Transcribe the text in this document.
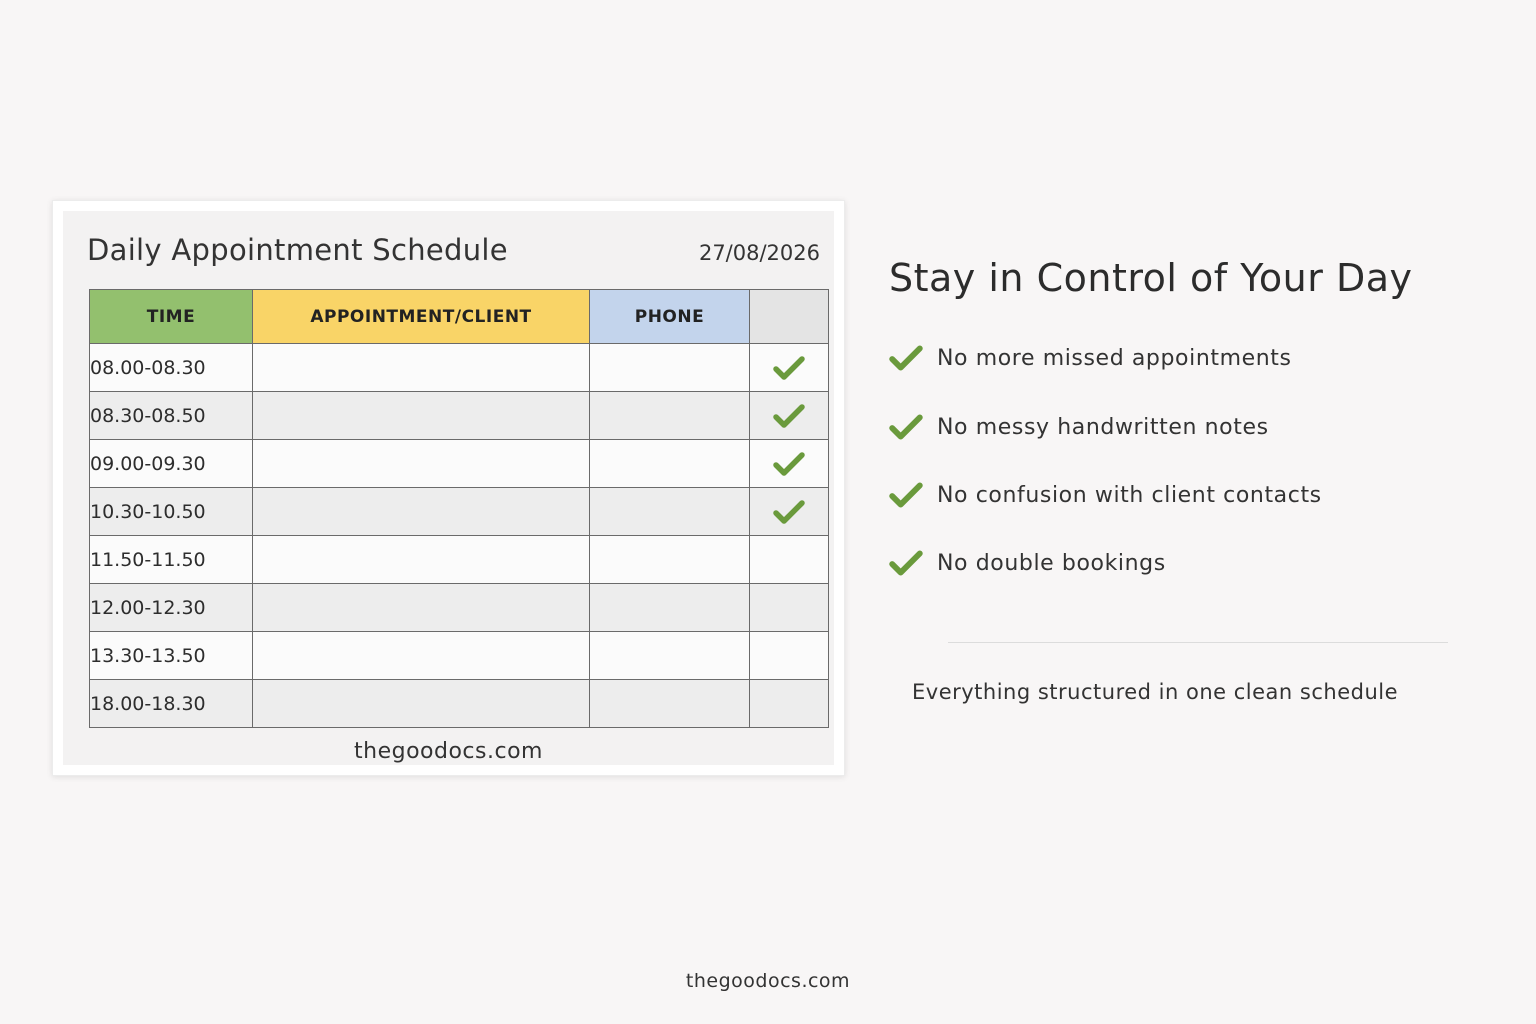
Daily Appointment Schedule	27/08/2026
TIME	APPOINTMENT/CLIENT	PHONE	
08.00-08.30			
08.30-08.50			
09.00-09.30			
10.30-10.50			
11.50-11.50			
12.00-12.30			
13.30-13.50			
18.00-18.30			
thegoodocs.com
Stay in Control of Your Day
No more missed appointments
No messy handwritten notes
No confusion with client contacts
No double bookings
Everything structured in one clean schedule
thegoodocs.com
